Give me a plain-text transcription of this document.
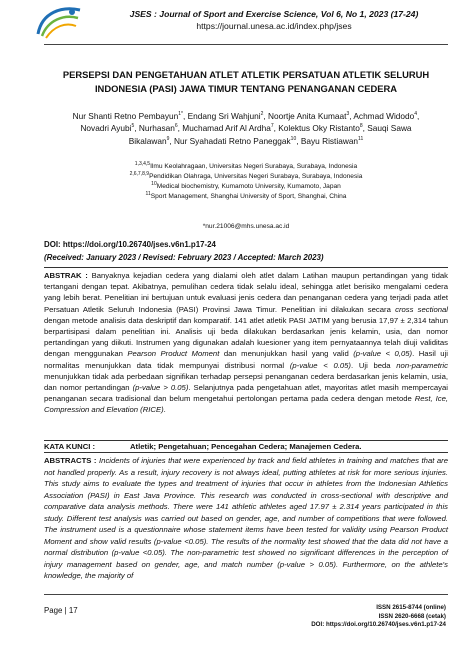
JSES : Journal of Sport and Exercise Science, Vol 6, No 1, 2023 (17-24)
https://journal.unesa.ac.id/index.php/jses
PERSEPSI DAN PENGETAHUAN ATLET ATLETIK PERSATUAN ATLETIK SELURUH
INDONESIA (PASI) JAWA TIMUR TENTANG PENANGANAN CEDERA
Nur Shanti Retno Pembayun$^{1*}$, Endang Sri Wahjuni$^2$, Noortje Anita Kumaat$^3$, Achmad Widodo$^4$,
Novadri Ayubi$^5$, Nurhasan$^6$, Muchamad Arif Al Ardha$^7$, Kolektus Oky Ristanto$^8$, Sauqi Sawa
Bikalawan$^9$, Nur Syahadati Retno Paneggak$^{10}$, Bayu Ristiawan$^{11}$
$^{1,3,4,5}$Ilmu Keolahragaan, Universitas Negeri Surabaya, Surabaya, Indonesia
$^{2,6,7,8,9}$Pendidikan Olahraga, Universitas Negeri Surabaya, Surabaya, Indonesia
$^{10}$Medical biochemistry, Kumamoto University, Kumamoto, Japan
$^{11}$Sport Management, Shanghai University of Sport, Shanghai, China
*nur.21006@mhs.unesa.ac.id
DOI: https://doi.org/10.26740/jses.v6n1.p17-24
(Received: January 2023 / Revised: February 2023 / Accepted: March 2023)

ABSTRAK : Banyaknya kejadian cedera yang dialami oleh atlet dalam Latihan maupun pertandingan yang tidak tertangani dengan tepat. Akibatnya, pemulihan cedera tidak selalu ideal, sehingga atlet berisiko mengalami cedera yang lebih berat. Penelitian ini bertujuan untuk evaluasi jenis cedera dan penanganan cedera yang terjadi pada atlet Persatuan Atletik Seluruh Indonesia (PASI) Provinsi Jawa Timur. Penelitian ini dilakukan secara cross sectional dengan metode analisis data deskriptif dan komparatif. 141 atlet atletik PASI JATIM yang berusia 17,97 ± 2,314 tahun berpartisipasi dalam penelitian ini. Analisis uji beda dilakukan berdasarkan jenis kelamin, usia, dan nomor pertandingan yang diikuti. Instrumen yang digunakan adalah kuesioner yang item pernyataannya telah diuji validitas dengan menggunakan Pearson Product Moment dan menunjukkan hasil yang valid (p-value < 0,05). Hasil uji normalitas menunjukkan data tidak mempunyai distribusi normal (p-value < 0.05). Uji beda non-parametric menunjukkan tidak ada perbedaan signifikan terhadap persepsi penanganan cedera berdasarkan jenis kelamin, usia, dan nomor pertandingan (p-value > 0.05). Selanjutnya pada pengetahuan atlet, mayoritas atlet masih mempercayai penanganan secara tradisional dan belum mengetahui pertolongan pertama pada cedera dengan metode Rest, Ice, Compression and Elevation (RICE).

KATA KUNCI :	Atletik; Pengetahuan; Pencegahan Cedera; Manajemen Cedera.
ABSTRACTS : Incidents of injuries that were experienced by track and field athletes in training and matches that are not handled properly. As a result, injury recovery is not always ideal, putting athletes at risk for more serious injuries. This study aims to evaluate the types and treatment of injuries that occur in athletes from the Indonesian Athletics Association (PASI) in East Java Province. This research was conducted in cross-sectional with descriptive and comparative data analysis methods. There were 141 athletic athletes aged 17.97 ± 2.314 years participated in this study. Different test analysis was carried out based on gender, age, and number of competitions that were followed. The instrument used is a questionnaire whose statement items have been tested for validity using Pearson Product Moment and show valid results (p-value <0.05). The results of the normality test showed that the data did not have a normal distribution (p-value <0.05). The non-parametric test showed no significant differences in the perception of injury management based on gender, age, and match number (p-value > 0.05). Furthermore, on the athlete's knowledge, the majority of
Page | 17	ISSN 2615-8744 (online)
ISSN 2620-6668 (cetak)
DOI: https://doi.org/10.26740/jses.v6n1.p17-24
